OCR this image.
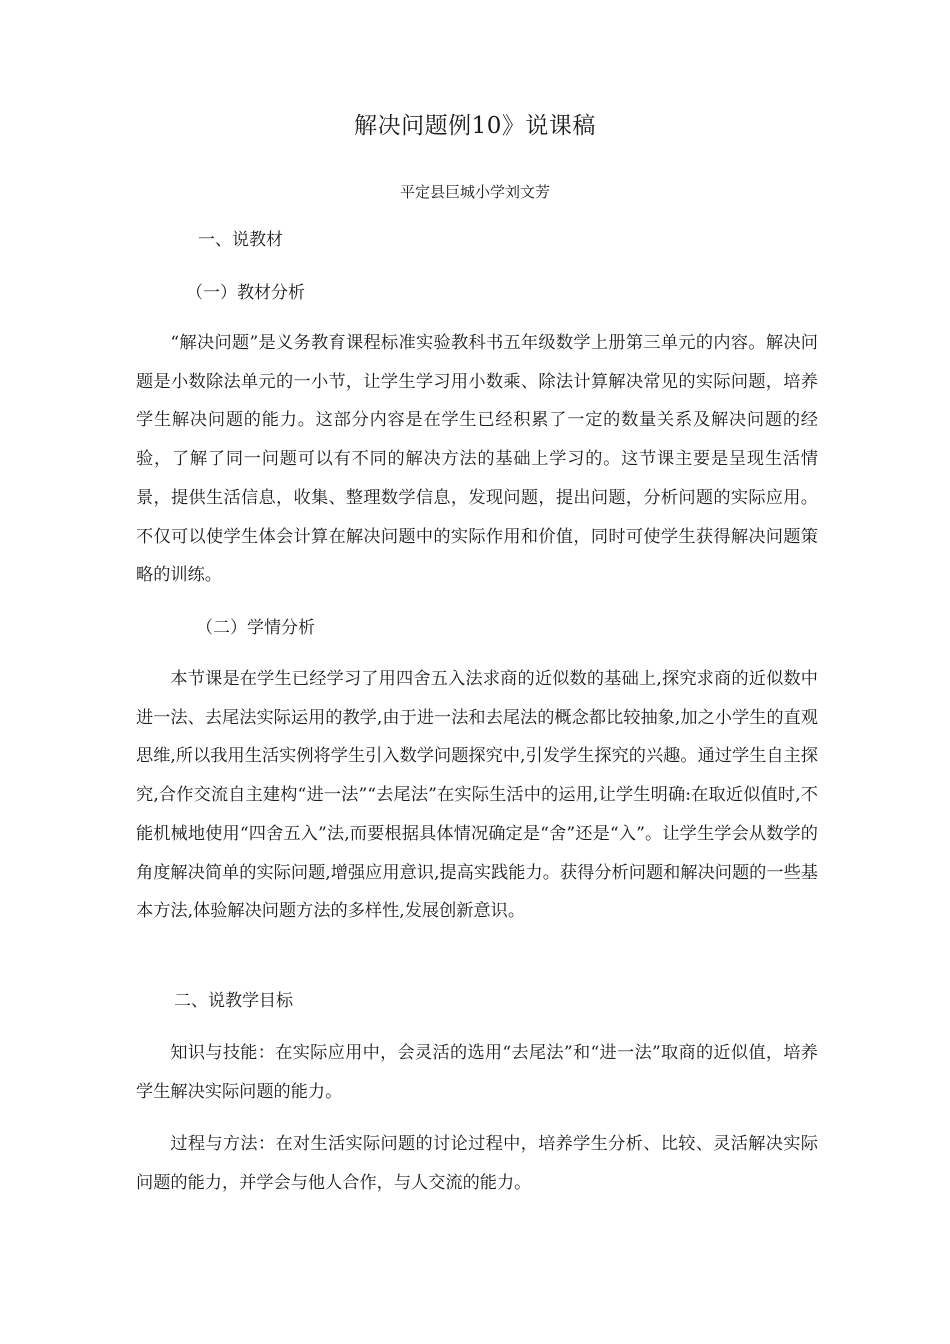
解决问题例10》说课稿
平定县巨城小学刘文芳
一、说教材
（一）教材分析

“解决问题”是义务教育课程标准实验教科书五年级数学上册第三单元的内容。解决问题是小数除法单元的一小节，让学生学习用小数乘、除法计算解决常见的实际问题，培养学生解决问题的能力。这部分内容是在学生已经积累了一定的数量关系及解决问题的经验，了解了同一问题可以有不同的解决方法的基础上学习的。这节课主要是呈现生活情景，提供生活信息，收集、整理数学信息，发现问题，提出问题，分析问题的实际应用。不仅可以使学生体会计算在解决问题中的实际作用和价值，同时可使学生获得解决问题策略的训练。

（二）学情分析

本节课是在学生已经学习了用四舍五入法求商的近似数的基础上,探究求商的近似数中进一法、去尾法实际运用的教学,由于进一法和去尾法的概念都比较抽象,加之小学生的直观思维,所以我用生活实例将学生引入数学问题探究中,引发学生探究的兴趣。通过学生自主探究,合作交流自主建构“进一法”“去尾法”在实际生活中的运用,让学生明确:在取近似值时,不能机械地使用“四舍五入”法,而要根据具体情况确定是“舍”还是“入”。让学生学会从数学的角度解决简单的实际问题,增强应用意识,提高实践能力。获得分析问题和解决问题的一些基本方法,体验解决问题方法的多样性,发展创新意识。

二、说教学目标

知识与技能：在实际应用中，会灵活的选用“去尾法”和“进一法”取商的近似值，培养学生解决实际问题的能力。

过程与方法：在对生活实际问题的讨论过程中，培养学生分析、比较、灵活解决实际问题的能力，并学会与他人合作，与人交流的能力。
